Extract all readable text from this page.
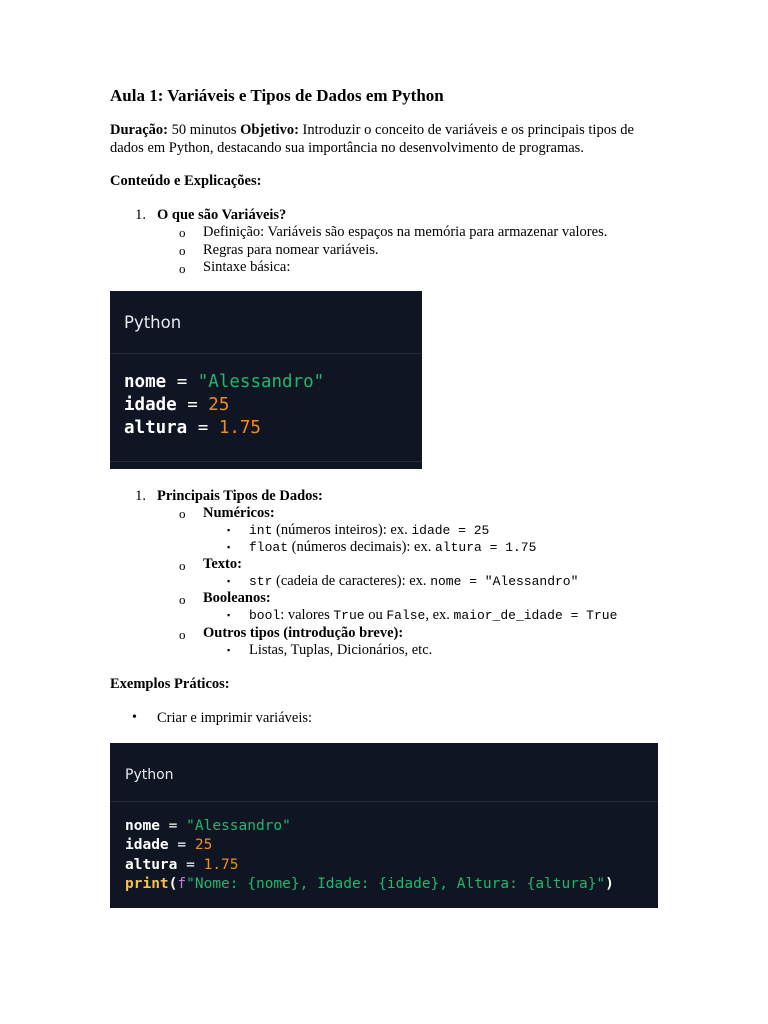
Aula 1: Variáveis e Tipos de Dados em Python
Duração: 50 minutos Objetivo: Introduzir o conceito de variáveis e os principais tipos de dados em Python, destacando sua importância no desenvolvimento de programas.
Conteúdo e Explicações:
1. O que são Variáveis?
o Definição: Variáveis são espaços na memória para armazenar valores.
o Regras para nomear variáveis.
o Sintaxe básica:
Python
nome = "Alessandro"
idade = 25
altura = 1.75
1. Principais Tipos de Dados:
o Numéricos:
▪ int (números inteiros): ex. idade = 25
▪ float (números decimais): ex. altura = 1.75
o Texto:
▪ str (cadeia de caracteres): ex. nome = "Alessandro"
o Booleanos:
▪ bool: valores True ou False, ex. maior_de_idade = True
o Outros tipos (introdução breve):
▪ Listas, Tuplas, Dicionários, etc.
Exemplos Práticos:
• Criar e imprimir variáveis:
Python
nome = "Alessandro"
idade = 25
altura = 1.75
print(f"Nome: {nome}, Idade: {idade}, Altura: {altura}")
